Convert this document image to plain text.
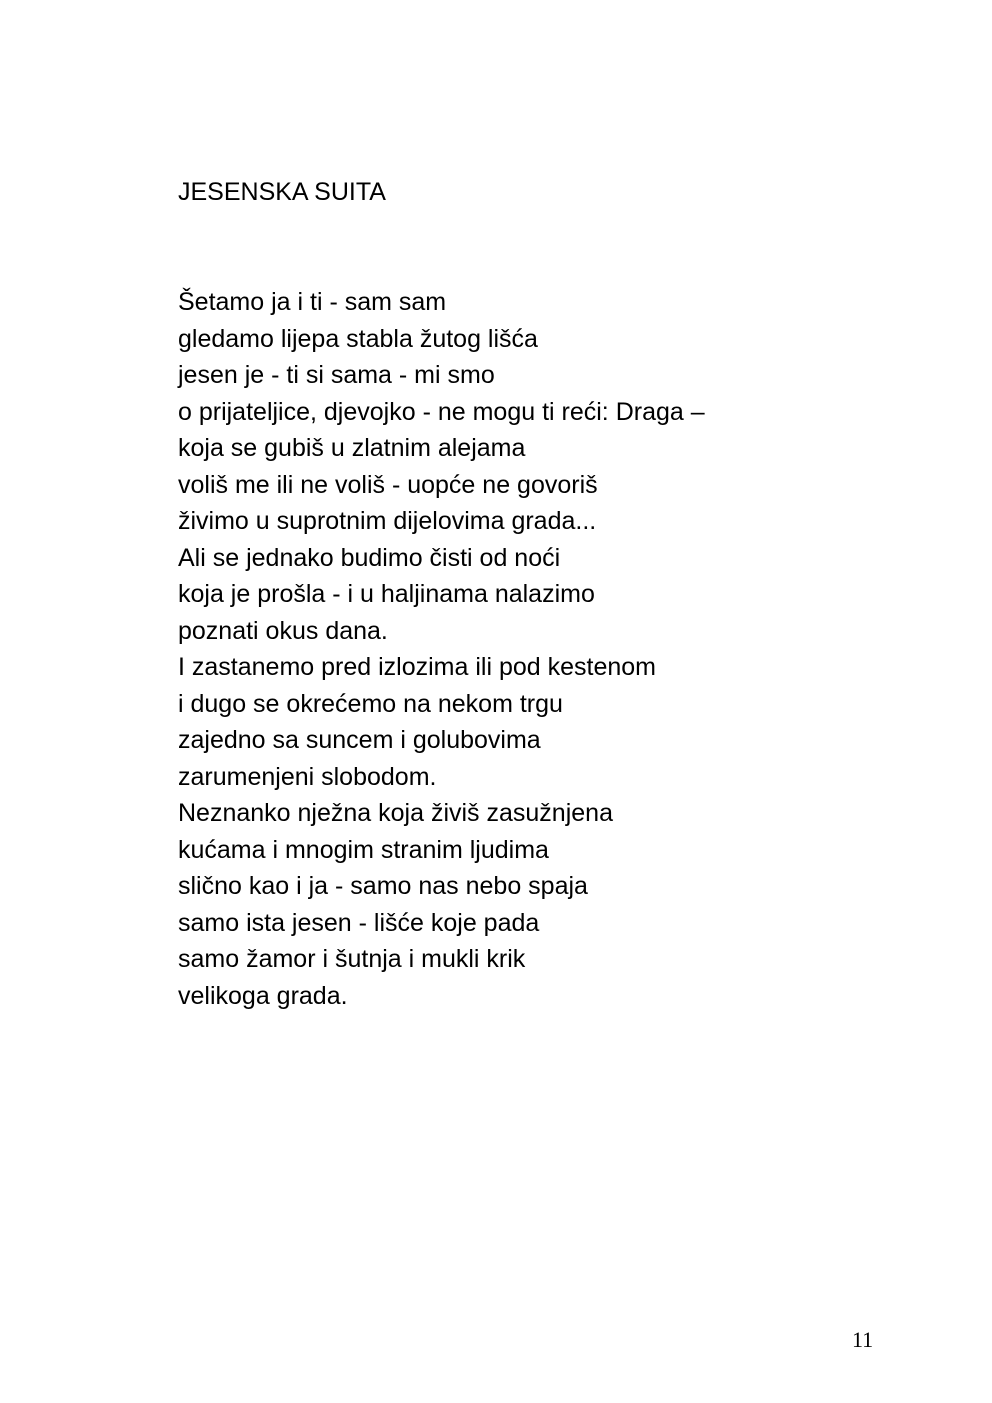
JESENSKA SUITA
Šetamo ja i ti - sam sam
gledamo lijepa stabla žutog lišća
jesen je - ti si sama - mi smo
o prijateljice, djevojko - ne mogu ti reći: Draga –
koja se gubiš u zlatnim alejama
voliš me ili ne voliš - uopće ne govoriš
živimo u suprotnim dijelovima grada...
Ali se jednako budimo čisti od noći
koja je prošla - i u haljinama nalazimo
poznati okus dana.
I zastanemo pred izlozima ili pod kestenom
i dugo se okrećemo na nekom trgu
zajedno sa suncem i golubovima
zarumenjeni slobodom.
Neznanko nježna koja živiš zasužnjena
kućama i mnogim stranim ljudima
slično kao i ja - samo nas nebo spaja
samo ista jesen - lišće koje pada
samo žamor i šutnja i mukli krik
velikoga grada.
11
